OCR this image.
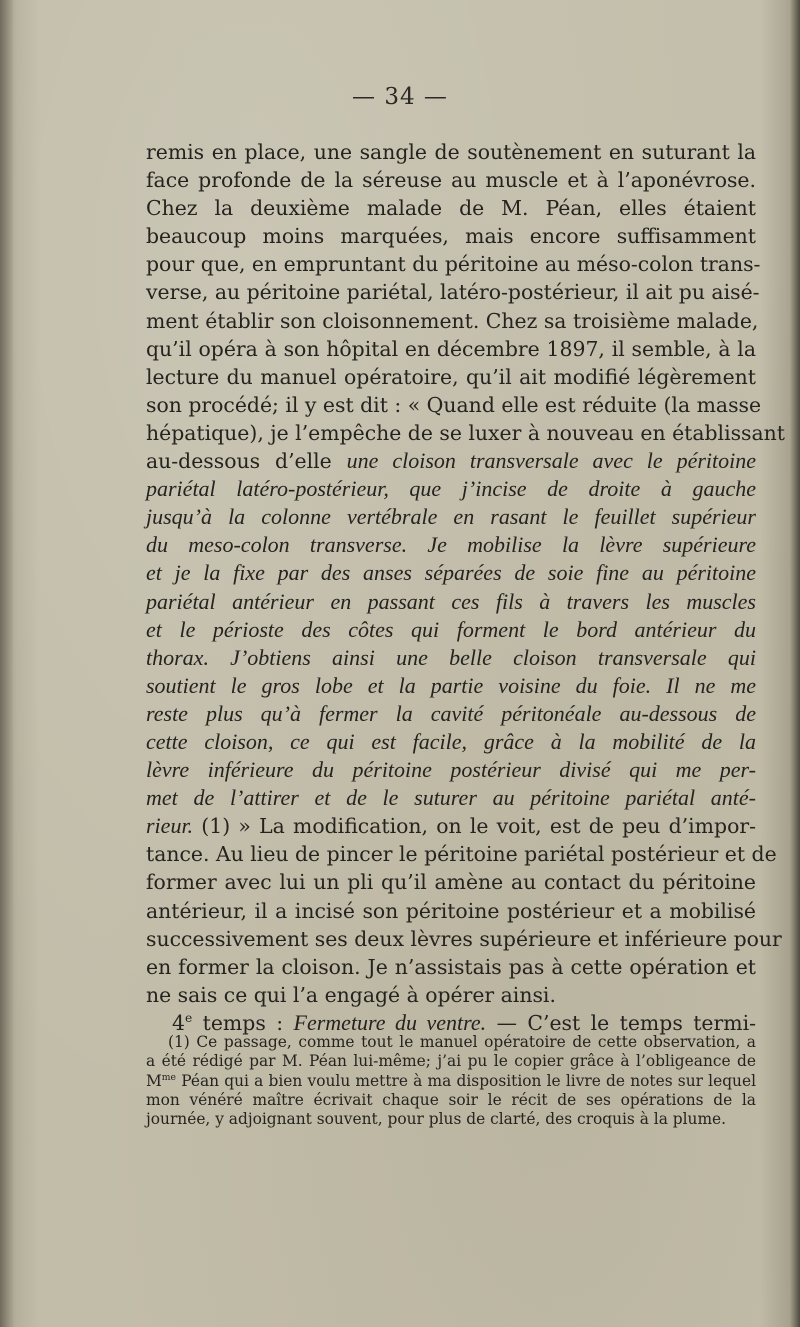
— 34 —
remis en place, une sangle de soutènement en suturant la
face profonde de la séreuse au muscle et à l’aponévrose.
Chez la deuxième malade de M. Péan, elles étaient
beaucoup moins marquées, mais encore suffisamment
pour que, en empruntant du péritoine au méso-colon trans-
verse, au péritoine pariétal, latéro-postérieur, il ait pu aisé-
ment établir son cloisonnement. Chez sa troisième malade,
qu’il opéra à son hôpital en décembre 1897, il semble, à la
lecture du manuel opératoire, qu’il ait modifié légèrement
son procédé; il y est dit : « Quand elle est réduite (la masse
hépatique), je l’empêche de se luxer à nouveau en établissant
au-dessous d’elle une cloison transversale avec le péritoine
pariétal latéro-postérieur, que j’incise de droite à gauche
jusqu’à la colonne vertébrale en rasant le feuillet supérieur
du meso-colon transverse. Je mobilise la lèvre supérieure
et je la fixe par des anses séparées de soie fine au péritoine
pariétal antérieur en passant ces fils à travers les muscles
et le périoste des côtes qui forment le bord antérieur du
thorax. J’obtiens ainsi une belle cloison transversale qui
soutient le gros lobe et la partie voisine du foie. Il ne me
reste plus qu’à fermer la cavité péritonéale au-dessous de
cette cloison, ce qui est facile, grâce à la mobilité de la
lèvre inférieure du péritoine postérieur divisé qui me per-
met de l’attirer et de le suturer au péritoine pariétal anté-
rieur. (1) » La modification, on le voit, est de peu d’impor-
tance. Au lieu de pincer le péritoine pariétal postérieur et de
former avec lui un pli qu’il amène au contact du péritoine
antérieur, il a incisé son péritoine postérieur et a mobilisé
successivement ses deux lèvres supérieure et inférieure pour
en former la cloison. Je n’assistais pas à cette opération et
ne sais ce qui l’a engagé à opérer ainsi.
4e temps : Fermeture du ventre. — C’est le temps termi-
(1) Ce passage, comme tout le manuel opératoire de cette observation, a
a été rédigé par M. Péan lui-même; j’ai pu le copier grâce à l’obligeance de
$M^{me}$ Péan qui a bien voulu mettre à ma disposition le livre de notes sur lequel
mon vénéré maître écrivait chaque soir le récit de ses opérations de la
journée, y adjoignant souvent, pour plus de clarté, des croquis à la plume.
